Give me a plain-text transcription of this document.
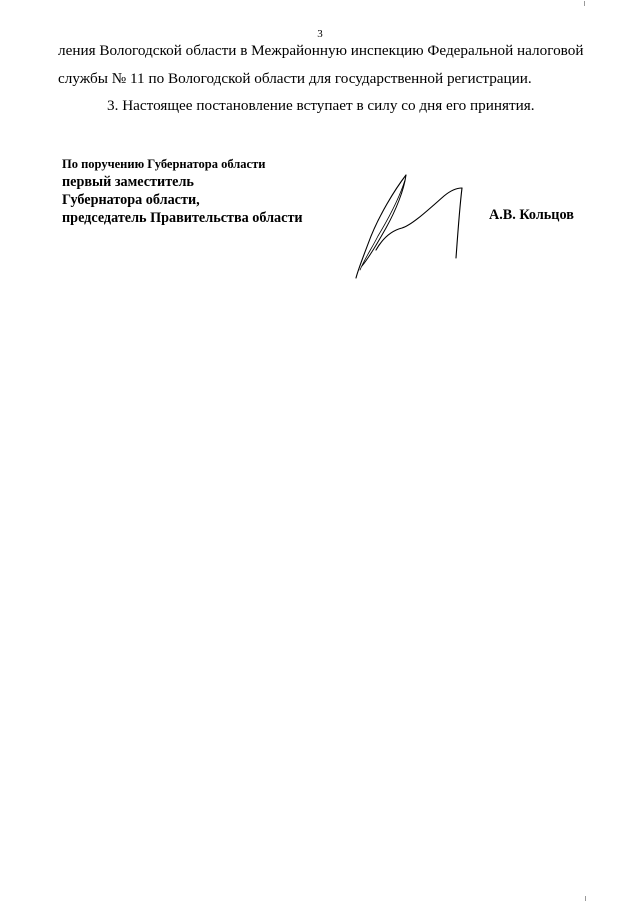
3
ления Вологодской области в Межрайонную инспекцию Федеральной налоговой
службы № 11 по Вологодской области для государственной регистрации.
3. Настоящее постановление вступает в силу со дня его принятия.
По поручению Губернатора области
первый заместитель
Губернатора области,
председатель Правительства области	А.В. Кольцов
